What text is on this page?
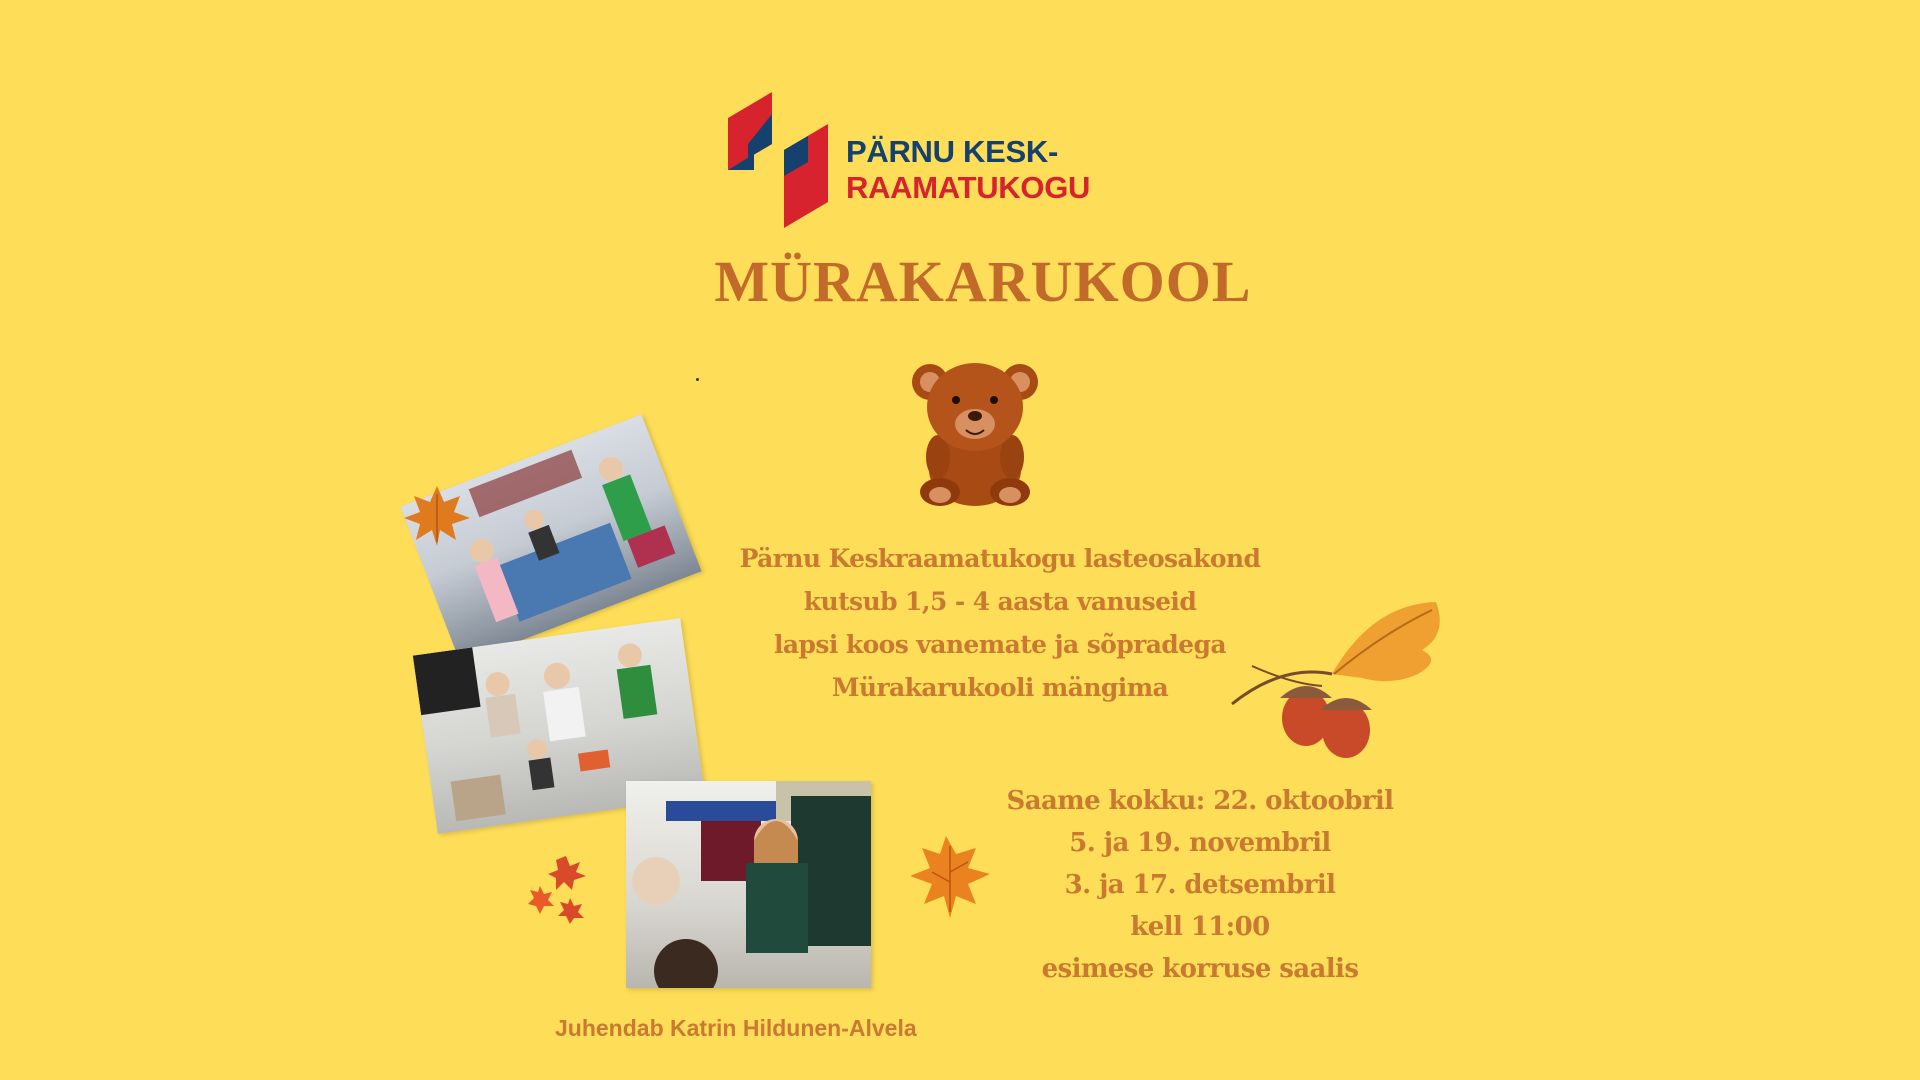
PÄRNU KESK-
RAAMATUKOGU
MÜRAKARUKOOL
Pärnu Keskraamatukogu lasteosakond
kutsub 1,5 - 4 aasta vanuseid
lapsi koos vanemate ja sõpradega
Mürakarukooli mängima
Saame kokku: 22. oktoobril
5. ja 19. novembril
3. ja 17. detsembril
kell 11:00
esimese korruse saalis
Juhendab Katrin Hildunen-Alvela
